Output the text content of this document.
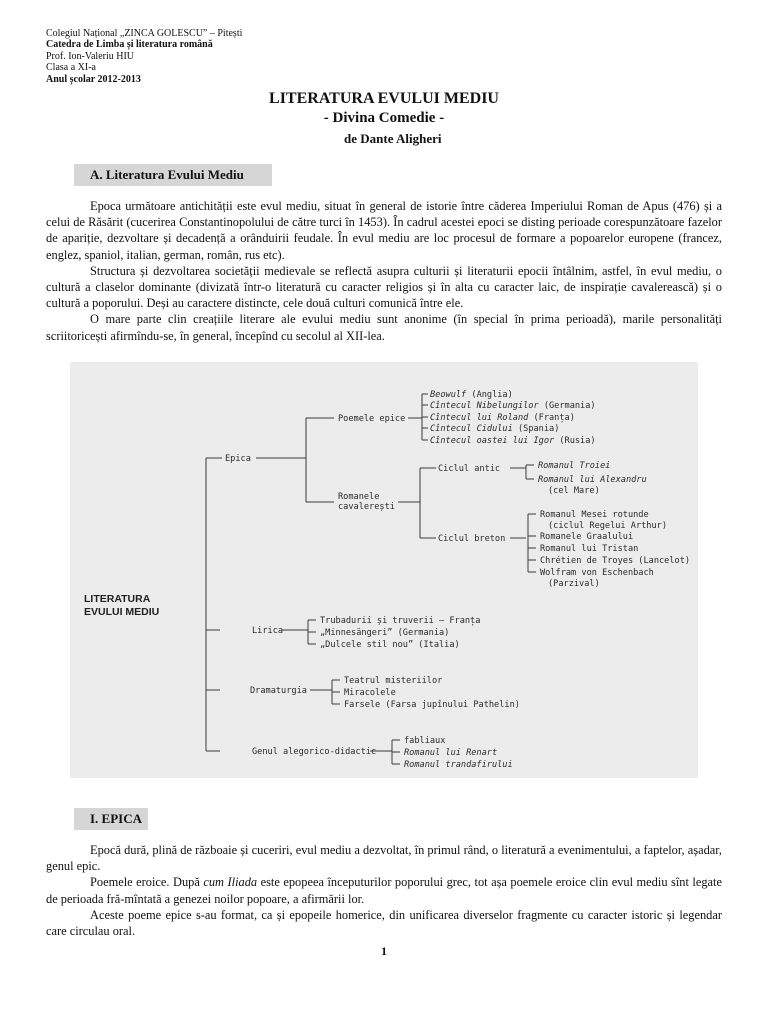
Colegiul Național „ZINCA GOLESCU” – Pitești
Catedra de Limba și literatura română
Prof. Ion-Valeriu HIU
Clasa a XI-a
Anul școlar 2012-2013
LITERATURA EVULUI MEDIU
- Divina Comedie -
de Dante Aligheri
A. Literatura Evului Mediu

Epoca următoare antichității este evul mediu, situat în general de istorie între căderea Imperiului Roman de Apus (476) și a celui de Răsărit (cucerirea Constantinopolului de către turci în 1453). În cadrul acestei epoci se disting perioade corespunzătoare fazelor de apariție, dezvoltare și decadență a orânduirii feudale. În evul mediu are loc procesul de formare a popoarelor europene (francez, englez, spaniol, italian, german, român, rus etc).

Structura și dezvoltarea societății medievale se reflectă asupra culturii și literaturii epocii întâlnim, astfel, în evul mediu, o cultură a claselor dominante (divizată într-o literatură cu caracter religios și în alta cu caracter laic, de inspirație cavalerească) și o cultură a poporului. Deși au caractere distincte, cele două culturi comunică între ele.

O mare parte clin creațiile literare ale evului mediu sunt anonime (în special în prima perioadă), marile personalități scriitoricești afirmîndu-se, în general, începînd cu secolul al XII-lea.

LITERATURA
EVULUI MEDIU
Epica
Poemele epice
Beowulf (Anglia)
Cîntecul Nibelungilor (Germania)
Cîntecul lui Roland (Franța)
Cîntecul Cidului (Spania)
Cîntecul oastei lui Igor (Rusia)
Romanele
cavalerești
Ciclul antic	Romanul Troiei
Romanul lui Alexandru
(cel Mare)
Ciclul breton
Romanul Mesei rotunde
(ciclul Regelui Arthur)
Romanele Graalului
Romanul lui Tristan
Chrétien de Troyes (Lancelot)
Wolfram von Eschenbach
(Parzival)
Lirica
Trubadurii și truverii — Franța
„Minnesängeri” (Germania)
„Dulcele stil nou” (Italia)
Dramaturgia
Teatrul misteriilor
Miracolele
Farsele (Farsa jupînului Pathelin)
Genul alegorico-didactic
fabliaux
Romanul lui Renart
Romanul trandafirului
I. EPICA

Epocă dură, plină de războaie și cuceriri, evul mediu a dezvoltat, în primul rând, o literatură a evenimentului, a faptelor, așadar, genul epic.

Poemele eroice. După cum Iliada este epopeea începuturilor poporului grec, tot așa poemele eroice clin evul mediu sînt legate de perioada fră-mîntată a genezei noilor popoare, a afirmării lor.

Aceste poeme epice s-au format, ca și epopeile homerice, din unificarea diverselor fragmente cu caracter istoric și legendar care circulau oral.

1
